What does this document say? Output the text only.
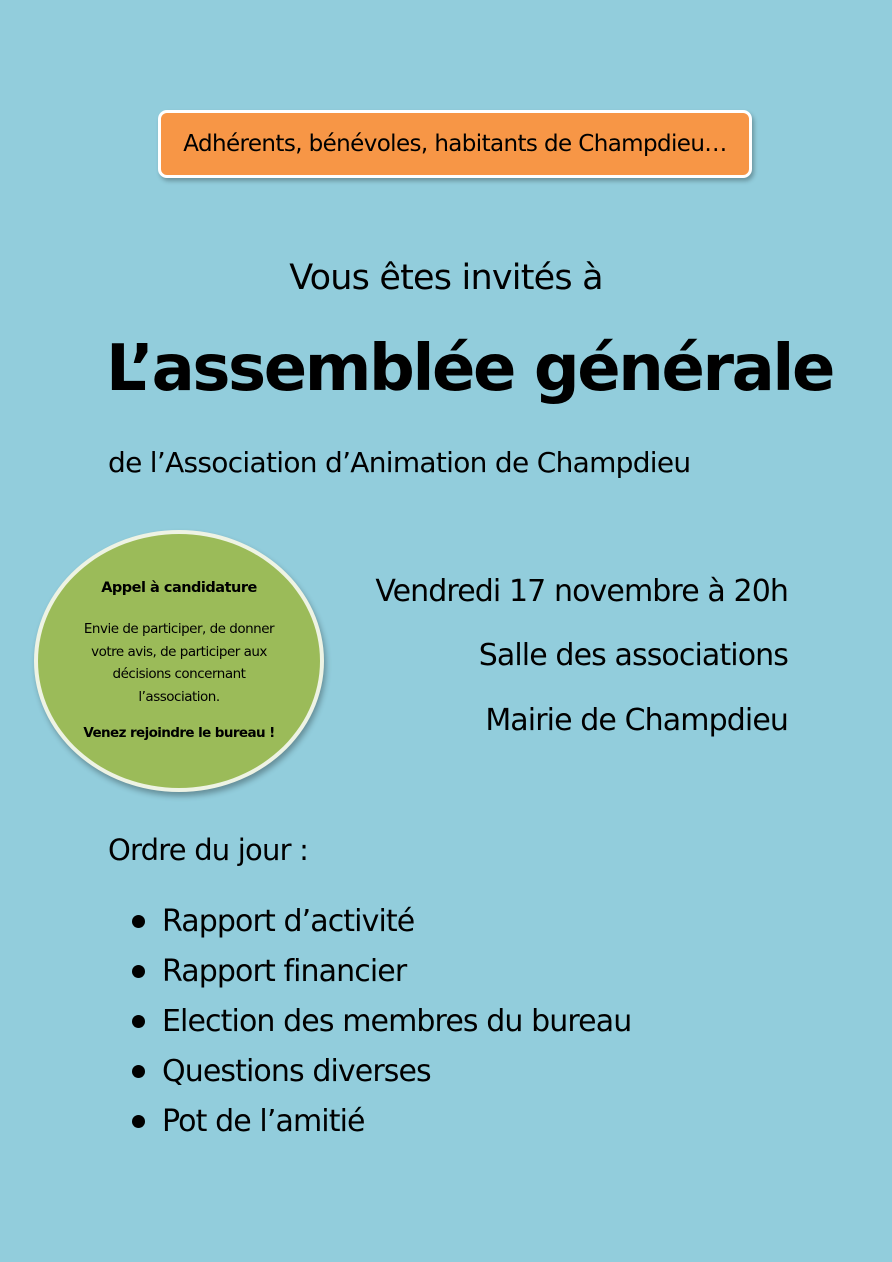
Adhérents, bénévoles, habitants de Champdieu…
Vous êtes invités à
L’assemblée générale
de l’Association d’Animation de Champdieu
Appel à candidature
Envie de participer, de donner votre avis, de participer aux décisions concernant l’association.
Venez rejoindre le bureau !
Vendredi 17 novembre à 20h
Salle des associations
Mairie de Champdieu
Ordre du jour :
Rapport d’activité
Rapport financier
Election des membres du bureau
Questions diverses
Pot de l’amitié
